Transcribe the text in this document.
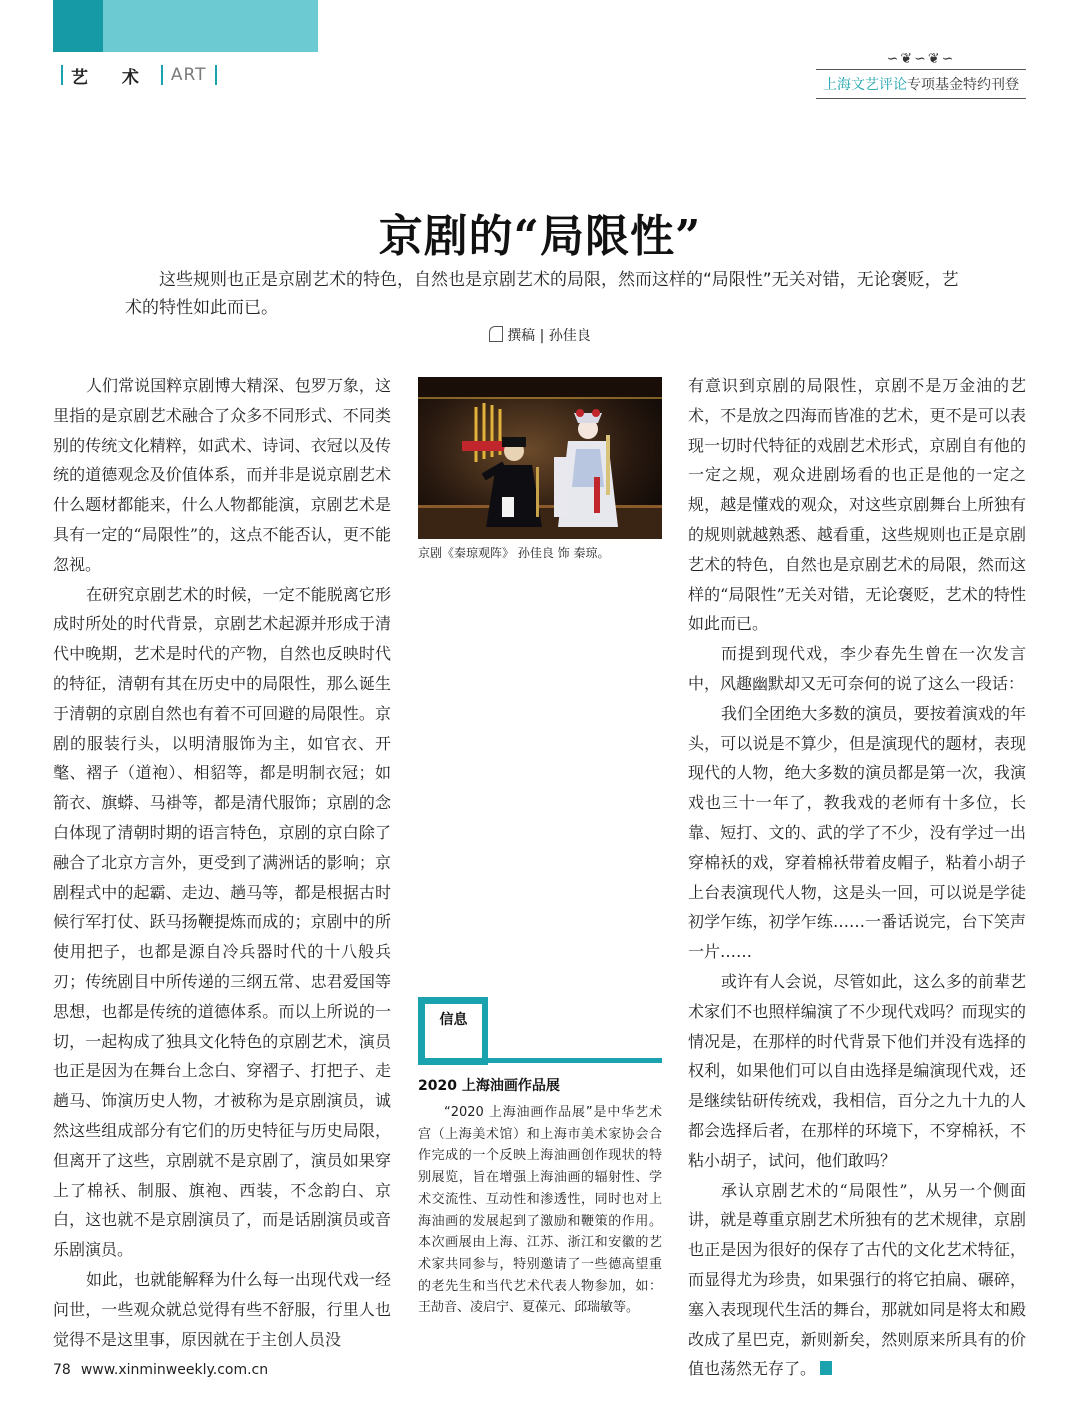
艺 术 ART
∽❦∽❦∽
上海文艺评论专项基金特约刊登
京剧的“局限性”

这些规则也正是京剧艺术的特色，自然也是京剧艺术的局限，然而这样的“局限性”无关对错，无论褒贬，艺术的特性如此而已。

撰稿 | 孙佳良

人们常说国粹京剧博大精深、包罗万象，这里指的是京剧艺术融合了众多不同形式、不同类别的传统文化精粹，如武术、诗词、衣冠以及传统的道德观念及价值体系，而并非是说京剧艺术什么题材都能来，什么人物都能演，京剧艺术是具有一定的“局限性”的，这点不能否认，更不能忽视。

在研究京剧艺术的时候，一定不能脱离它形成时所处的时代背景，京剧艺术起源并形成于清代中晚期，艺术是时代的产物，自然也反映时代的特征，清朝有其在历史中的局限性，那么诞生于清朝的京剧自然也有着不可回避的局限性。京剧的服装行头，以明清服饰为主，如官衣、开氅、褶子（道袍）、相貂等，都是明制衣冠；如箭衣、旗蟒、马褂等，都是清代服饰；京剧的念白体现了清朝时期的语言特色，京剧的京白除了融合了北京方言外，更受到了满洲话的影响；京剧程式中的起霸、走边、趟马等，都是根据古时候行军打仗、跃马扬鞭提炼而成的；京剧中的所使用把子，也都是源自冷兵器时代的十八般兵刃；传统剧目中所传递的三纲五常、忠君爱国等思想，也都是传统的道德体系。而以上所说的一切，一起构成了独具文化特色的京剧艺术，演员也正是因为在舞台上念白、穿褶子、打把子、走趟马、饰演历史人物，才被称为是京剧演员，诚然这些组成部分有它们的历史特征与历史局限，但离开了这些，京剧就不是京剧了，演员如果穿上了棉袄、制服、旗袍、西装，不念韵白、京白，这也就不是京剧演员了，而是话剧演员或音乐剧演员。

如此，也就能解释为什么每一出现代戏一经问世，一些观众就总觉得有些不舒服，行里人也觉得不是这里事，原因就在于主创人员没

京剧《秦琼观阵》 孙佳良 饰 秦琼。
信息
2020 上海油画作品展
“2020 上海油画作品展”是中华艺术宫（上海美术馆）和上海市美术家协会合作完成的一个反映上海油画创作现状的特别展览，旨在增强上海油画的辐射性、学术交流性、互动性和渗透性，同时也对上海油画的发展起到了激励和鞭策的作用。本次画展由上海、江苏、浙江和安徽的艺术家共同参与，特别邀请了一些德高望重的老先生和当代艺术代表人物参加，如：王劼音、凌启宁、夏葆元、邱瑞敏等。

有意识到京剧的局限性，京剧不是万金油的艺术，不是放之四海而皆准的艺术，更不是可以表现一切时代特征的戏剧艺术形式，京剧自有他的一定之规，观众进剧场看的也正是他的一定之规，越是懂戏的观众，对这些京剧舞台上所独有的规则就越熟悉、越看重，这些规则也正是京剧艺术的特色，自然也是京剧艺术的局限，然而这样的“局限性”无关对错，无论褒贬，艺术的特性如此而已。

而提到现代戏，李少春先生曾在一次发言中，风趣幽默却又无可奈何的说了这么一段话：

我们全团绝大多数的演员，要按着演戏的年头，可以说是不算少，但是演现代的题材，表现现代的人物，绝大多数的演员都是第一次，我演戏也三十一年了，教我戏的老师有十多位，长靠、短打、文的、武的学了不少，没有学过一出穿棉袄的戏，穿着棉袄带着皮帽子，粘着小胡子上台表演现代人物，这是头一回，可以说是学徒初学乍练，初学乍练……一番话说完，台下笑声一片……

或许有人会说，尽管如此，这么多的前辈艺术家们不也照样编演了不少现代戏吗？而现实的情况是，在那样的时代背景下他们并没有选择的权利，如果他们可以自由选择是编演现代戏，还是继续钻研传统戏，我相信，百分之九十九的人都会选择后者，在那样的环境下，不穿棉袄，不粘小胡子，试问，他们敢吗？

承认京剧艺术的“局限性”，从另一个侧面讲，就是尊重京剧艺术所独有的艺术规律，京剧也正是因为很好的保存了古代的文化艺术特征，而显得尤为珍贵，如果强行的将它拍扁、碾碎，塞入表现现代生活的舞台，那就如同是将太和殿改成了星巴克，新则新矣，然则原来所具有的价值也荡然无存了。

78 www.xinminweekly.com.cn
